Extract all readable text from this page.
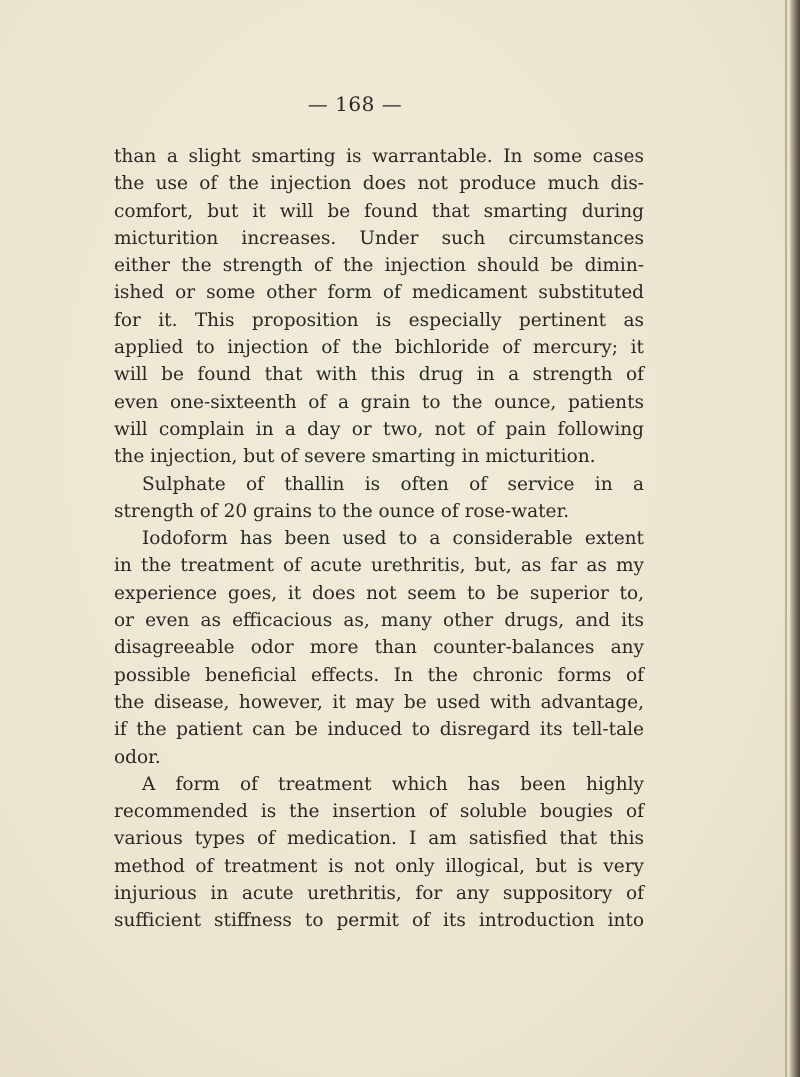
— 168 —
than a slight smarting is warrantable. In some cases
the use of the injection does not produce much dis-
comfort, but it will be found that smarting during
micturition increases. Under such circumstances
either the strength of the injection should be dimin-
ished or some other form of medicament substituted
for it. This proposition is especially pertinent as
applied to injection of the bichloride of mercury; it
will be found that with this drug in a strength of
even one-sixteenth of a grain to the ounce, patients
will complain in a day or two, not of pain following
the injection, but of severe smarting in micturition.
Sulphate of thallin is often of service in a
strength of 20 grains to the ounce of rose-water.
Iodoform has been used to a considerable extent
in the treatment of acute urethritis, but, as far as my
experience goes, it does not seem to be superior to,
or even as efficacious as, many other drugs, and its
disagreeable odor more than counter-balances any
possible beneficial effects. In the chronic forms of
the disease, however, it may be used with advantage,
if the patient can be induced to disregard its tell-tale
odor.
A form of treatment which has been highly
recommended is the insertion of soluble bougies of
various types of medication. I am satisfied that this
method of treatment is not only illogical, but is very
injurious in acute urethritis, for any suppository of
sufficient stiffness to permit of its introduction into
